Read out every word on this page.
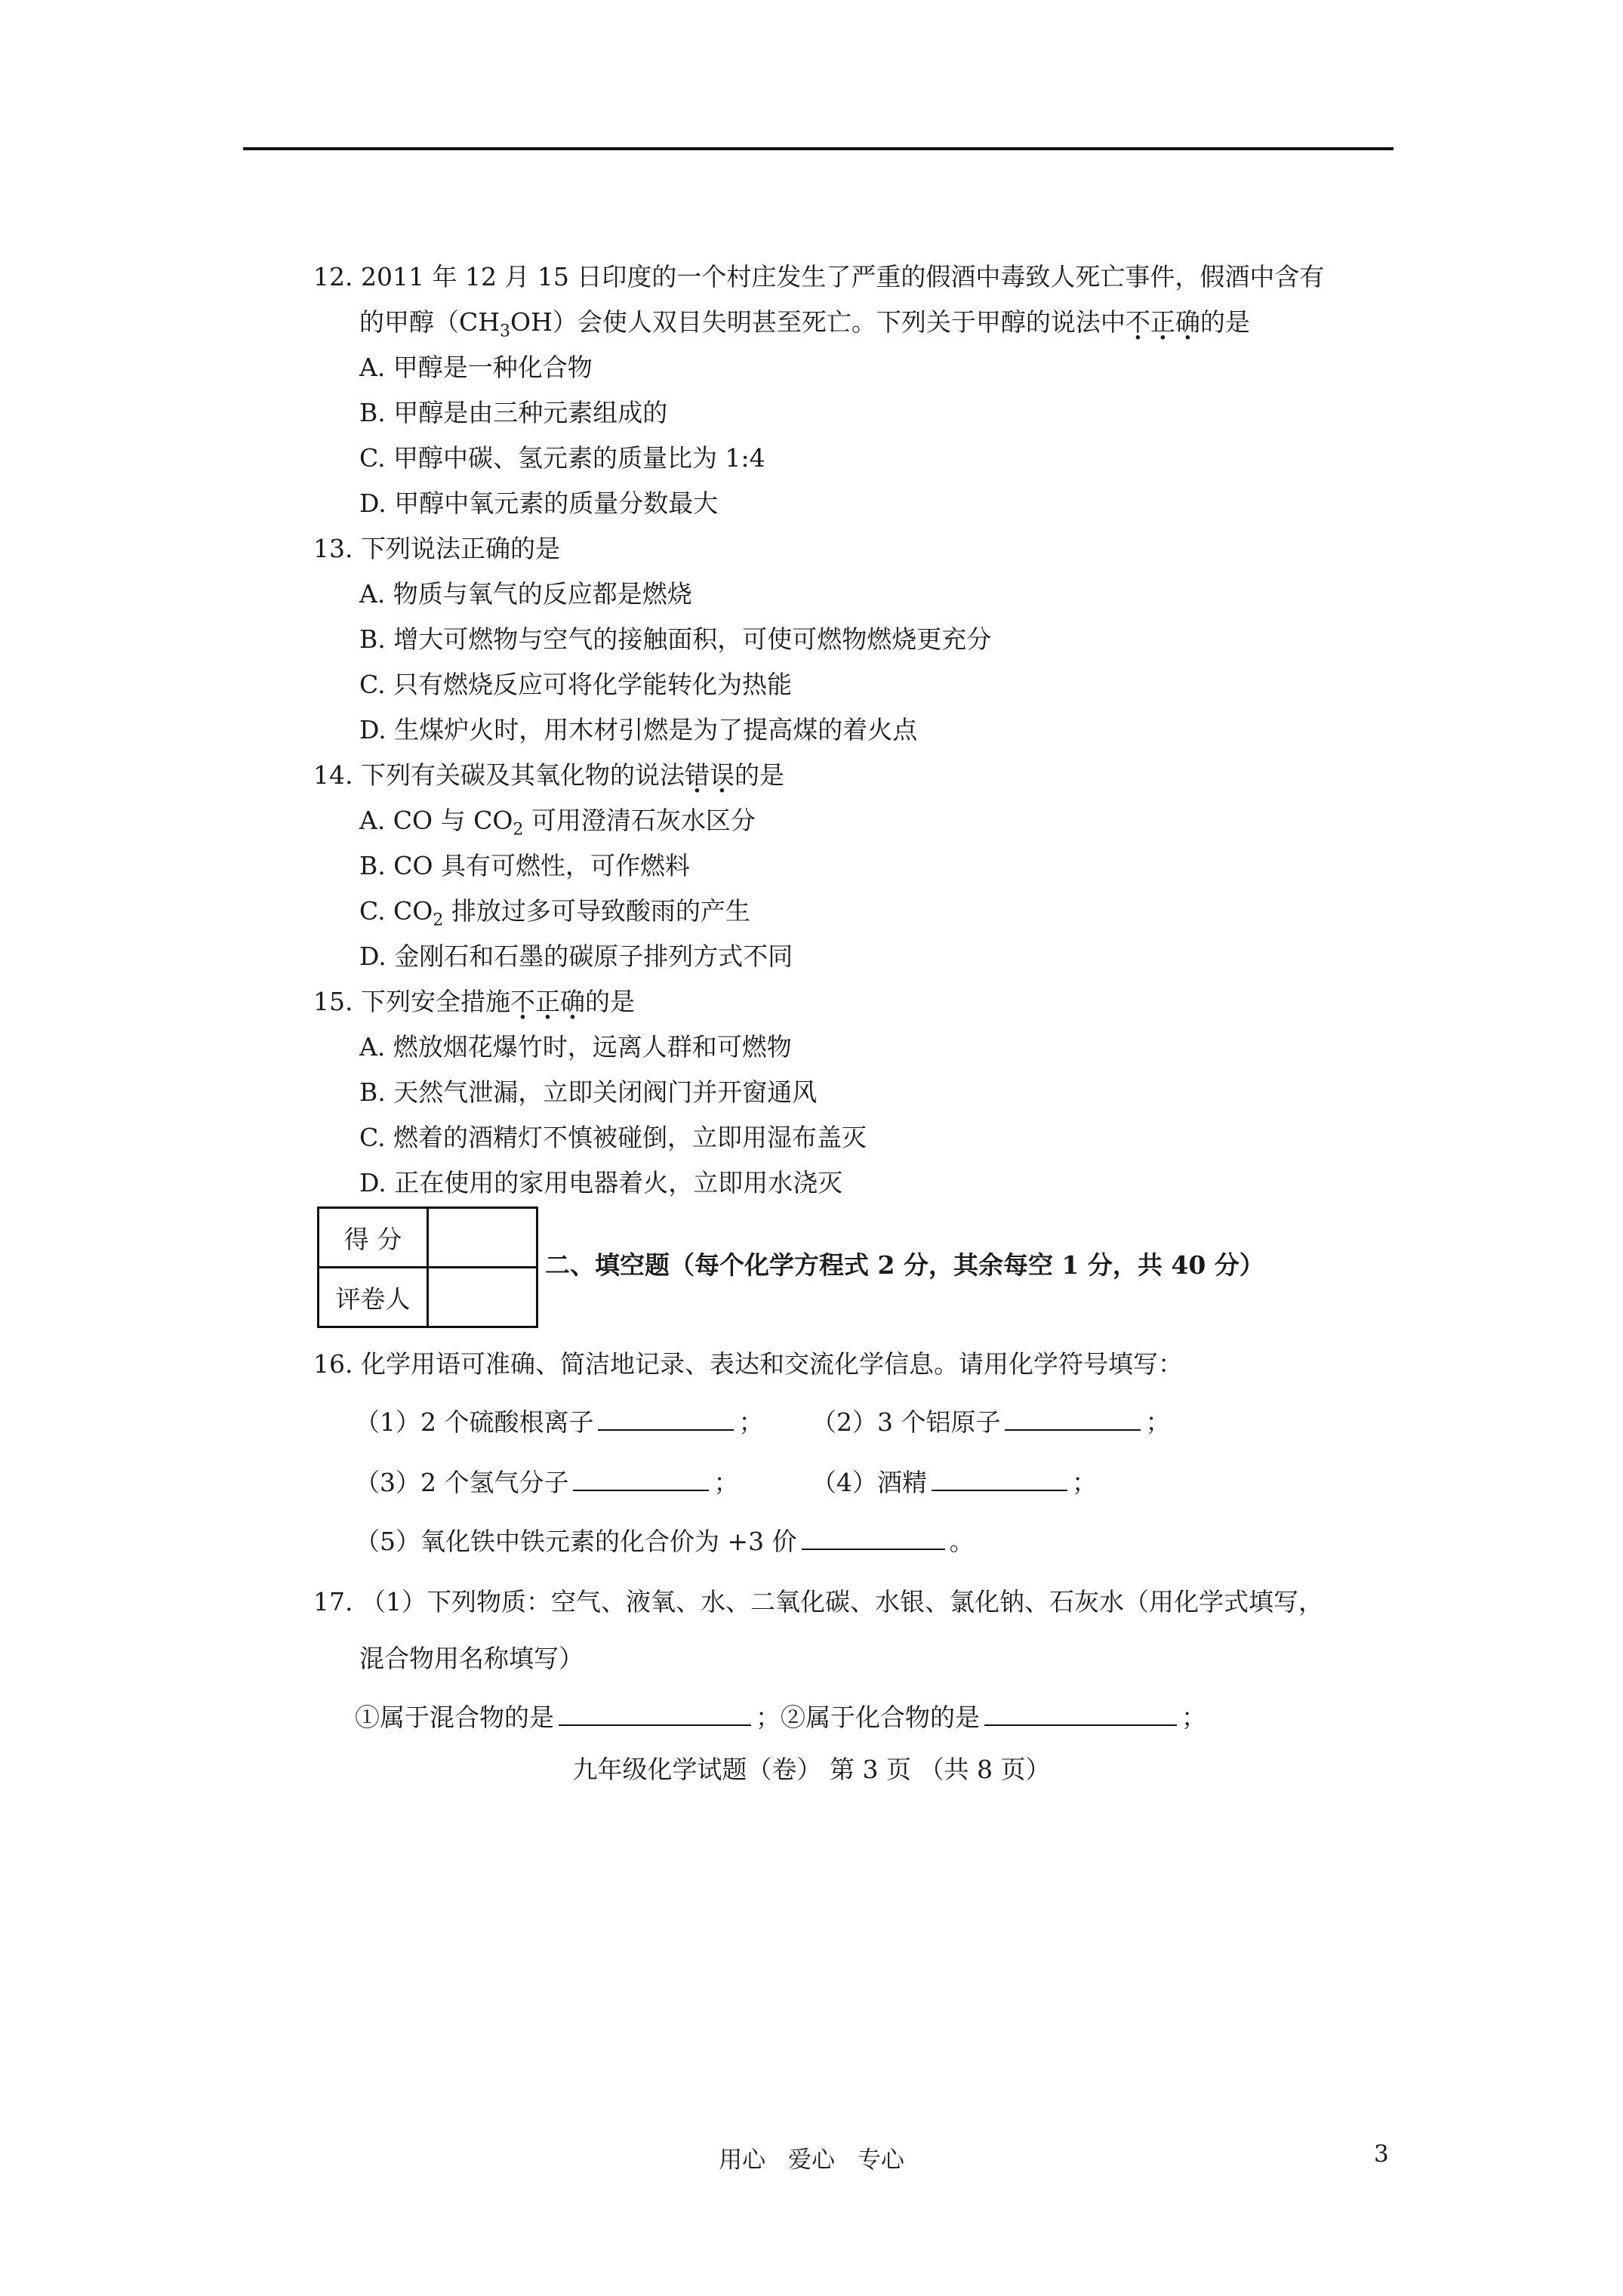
12. 2011 年 12 月 15 日印度的一个村庄发生了严重的假酒中毒致人死亡事件，假酒中含有
的甲醇$(CH_3OH)$会使人双目失明甚至死亡。下列关于甲醇的说法中不正确的是
A. 甲醇是一种化合物
B. 甲醇是由三种元素组成的
C. 甲醇中碳、氢元素的质量比为 1:4
D. 甲醇中氧元素的质量分数最大
13. 下列说法正确的是
A. 物质与氧气的反应都是燃烧
B. 增大可燃物与空气的接触面积，可使可燃物燃烧更充分
C. 只有燃烧反应可将化学能转化为热能
D. 生煤炉火时，用木材引燃是为了提高煤的着火点
14. 下列有关碳及其氧化物的说法错误的是
A. CO 与 $CO_2$ 可用澄清石灰水区分
B. CO 具有可燃性，可作燃料
C. $CO_2$ 排放过多可导致酸雨的产生
D. 金刚石和石墨的碳原子排列方式不同
15. 下列安全措施不正确的是
A. 燃放烟花爆竹时，远离人群和可燃物
B. 天然气泄漏，立即关闭阀门并开窗通风
C. 燃着的酒精灯不慎被碰倒，立即用湿布盖灭
D. 正在使用的家用电器着火，立即用水浇灭
得 分	
评卷人	
二、填空题（每个化学方程式 2 分，其余每空 1 分，共 40 分）
16. 化学用语可准确、简洁地记录、表达和交流化学信息。请用化学符号填写：
（1）2 个硫酸根离子	； （2）3 个铝原子	；
（3）2 个氢气分子	；	（4）酒精	；
（5）氧化铁中铁元素的化合价为 +3 价	。
17. （1）下列物质：空气、液氧、水、二氧化碳、水银、氯化钠、石灰水（用化学式填写，
混合物用名称填写）
①属于混合物的是	；②属于化合物的是	；
九年级化学试题（卷） 第 3 页 （共 8 页）
用心 爱心 专心	3
